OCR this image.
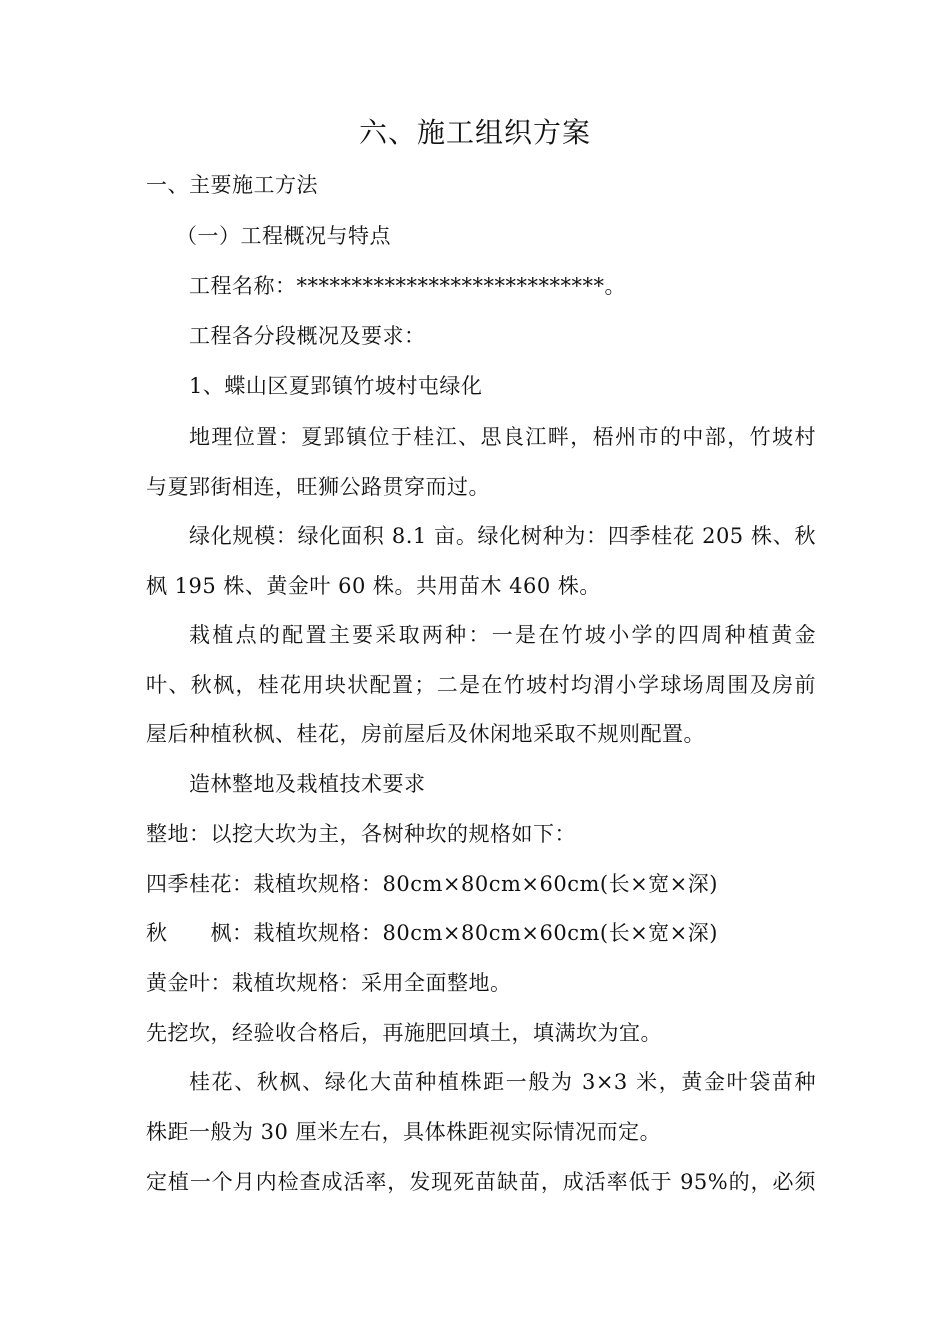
六、施工组织方案
一、主要施工方法
（一）工程概况与特点
工程名称：****************************。
工程各分段概况及要求：
1、蝶山区夏郢镇竹坡村屯绿化
地理位置：夏郢镇位于桂江、思良江畔，梧州市的中部，竹坡村
与夏郢街相连，旺狮公路贯穿而过。
绿化规模：绿化面积 8.1 亩。绿化树种为：四季桂花 205 株、秋
枫 195 株、黄金叶 60 株。共用苗木 460 株。
栽植点的配置主要采取两种：一是在竹坡小学的四周种植黄金
叶、秋枫，桂花用块状配置；二是在竹坡村均渭小学球场周围及房前
屋后种植秋枫、桂花，房前屋后及休闲地采取不规则配置。
造林整地及栽植技术要求
整地：以挖大坎为主，各树种坎的规格如下：
四季桂花：栽植坎规格：80cm×80cm×60cm(长×宽×深)
秋　　枫：栽植坎规格：80cm×80cm×60cm(长×宽×深)
黄金叶：栽植坎规格：采用全面整地。
先挖坎，经验收合格后，再施肥回填土，填满坎为宜。
桂花、秋枫、绿化大苗种植株距一般为 3×3 米，黄金叶袋苗种
株距一般为 30 厘米左右，具体株距视实际情况而定。
定植一个月内检查成活率，发现死苗缺苗，成活率低于 95%的，必须
